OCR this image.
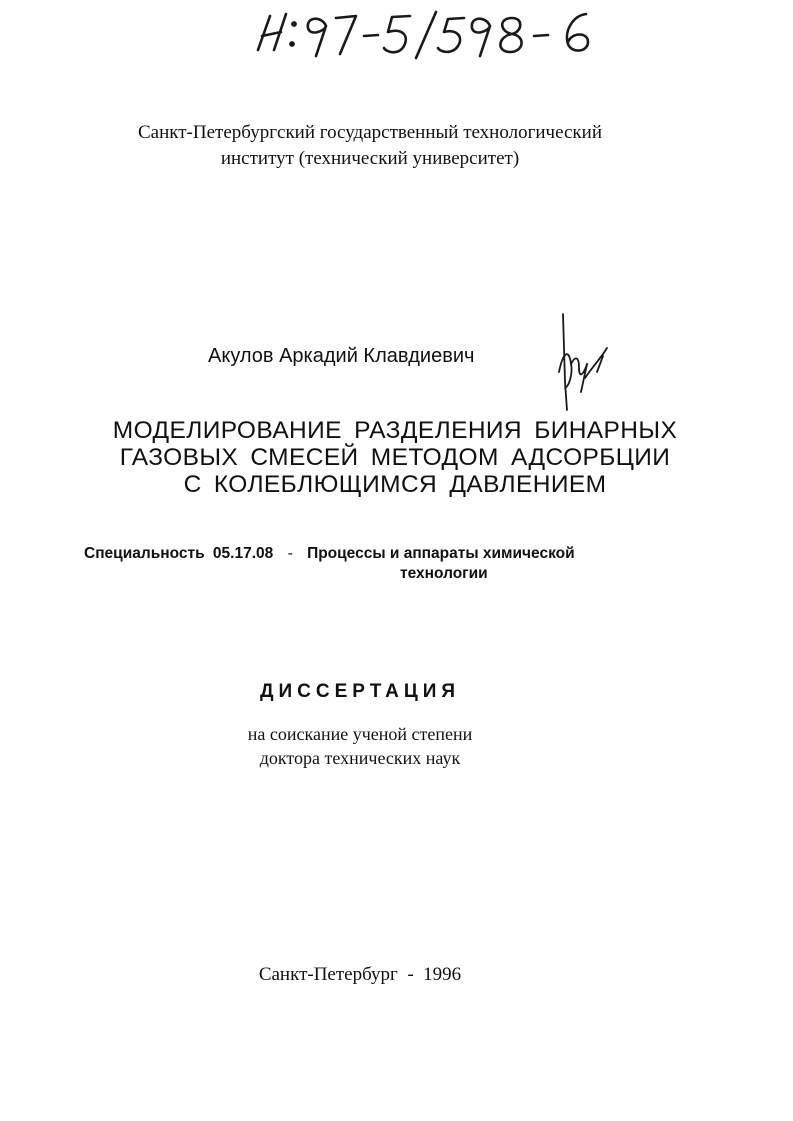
Санкт-Петербургский государственный технологический
институт (технический университет)
Акулов Аркадий Клавдиевич
МОДЕЛИРОВАНИЕ РАЗДЕЛЕНИЯ БИНАРНЫХ
ГАЗОВЫХ СМЕСЕЙ МЕТОДОМ АДСОРБЦИИ
С КОЛЕБЛЮЩИМСЯ ДАВЛЕНИЕМ
Специальность 05.17.08 - Процессы и аппараты химической
технологии
ДИССЕРТАЦИЯ
на соискание ученой степени
доктора технических наук
Санкт-Петербург - 1996
